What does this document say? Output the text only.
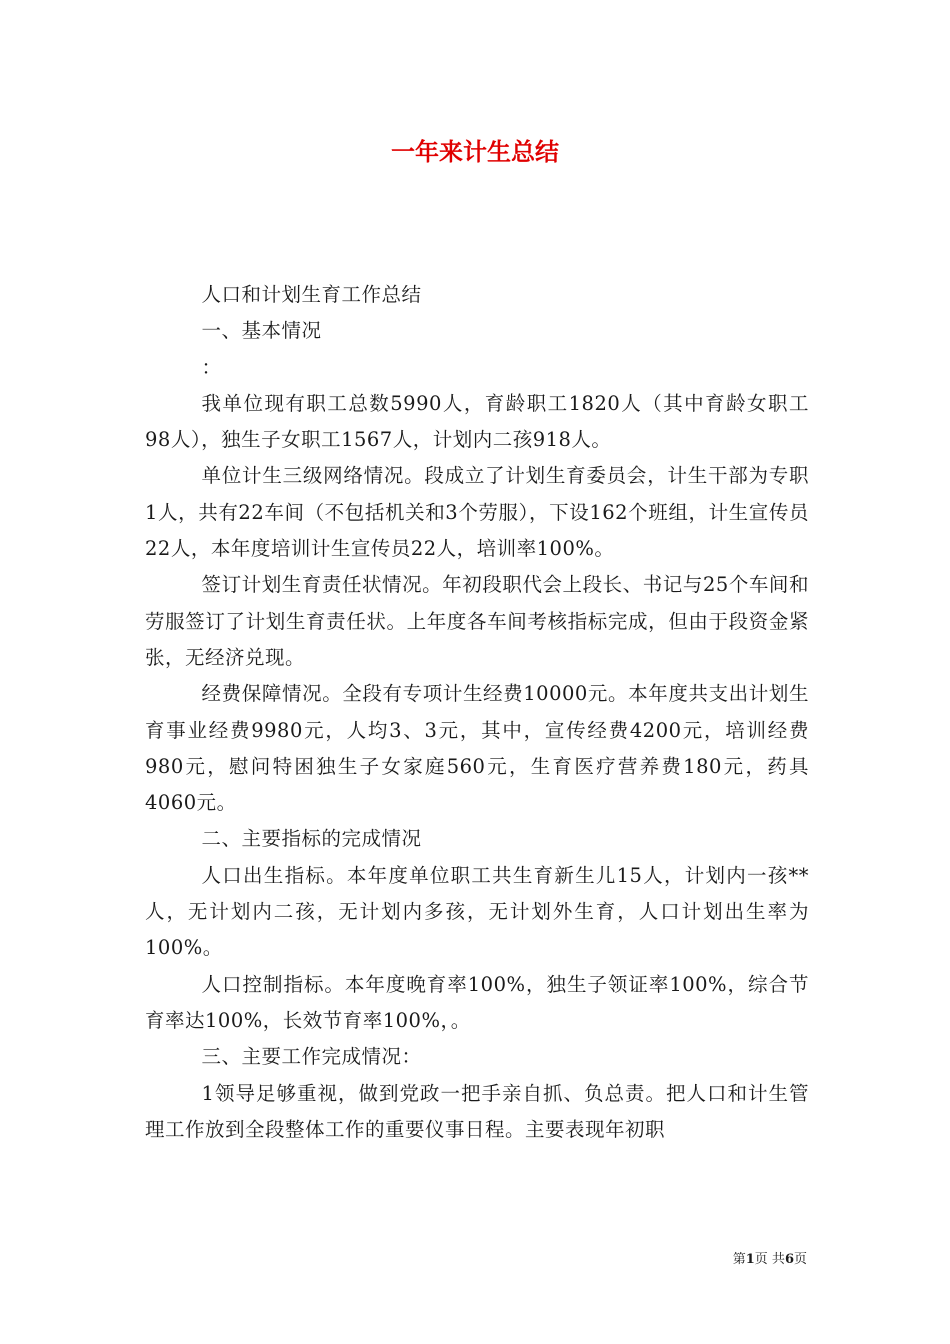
一年来计生总结

人口和计划生育工作总结

一、基本情况

：

我单位现有职工总数5990人，育龄职工1820人（其中育龄女职工98人），独生子女职工1567人，计划内二孩918人。

单位计生三级网络情况。段成立了计划生育委员会，计生干部为专职1人，共有22车间（不包括机关和3个劳服），下设162个班组，计生宣传员22人，本年度培训计生宣传员22人，培训率100%。

签订计划生育责任状情况。年初段职代会上段长、书记与25个车间和劳服签订了计划生育责任状。上年度各车间考核指标完成，但由于段资金紧张，无经济兑现。

经费保障情况。全段有专项计生经费10000元。本年度共支出计划生育事业经费9980元，人均3、3元，其中，宣传经费4200元，培训经费980元，慰问特困独生子女家庭560元，生育医疗营养费180元，药具4060元。

二、主要指标的完成情况

人口出生指标。本年度单位职工共生育新生儿15人，计划内一孩**人，无计划内二孩，无计划内多孩，无计划外生育，人口计划出生率为100%。

人口控制指标。本年度晚育率100%，独生子领证率100%，综合节育率达100%，长效节育率100%，。

三、主要工作完成情况：

1领导足够重视，做到党政一把手亲自抓、负总责。把人口和计生管理工作放到全段整体工作的重要仪事日程。主要表现年初职

第1页 共6页
